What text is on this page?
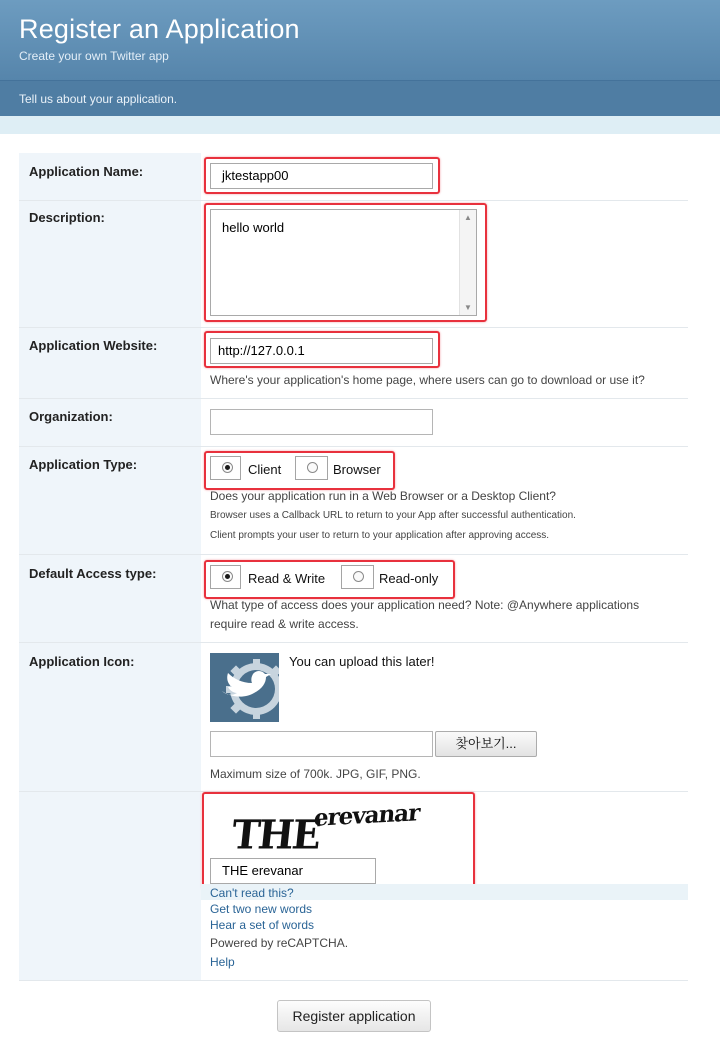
Register an Application
Create your own Twitter app
Tell us about your application.
Application Name:	jktestapp00
Description:
hello world
▲
▼
Application Website:	http://127.0.0.1
Where's your application's home page, where users can go to download or use it?
Organization:
Application Type:	Client	Browser
Does your application run in a Web Browser or a Desktop Client?
Browser uses a Callback URL to return to your App after successful authentication.
Client prompts your user to return to your application after approving access.
Default Access type:	Read & Write	Read-only
What type of access does your application need? Note: @Anywhere applications
require read & write access.
Application Icon:	You can upload this later!
찾아보기...
Maximum size of 700k. JPG, GIF, PNG.
THE
erevanar
THE erevanar
Can't read this?
Get two new words
Hear a set of words
Powered by reCAPTCHA.
Help
Register application
